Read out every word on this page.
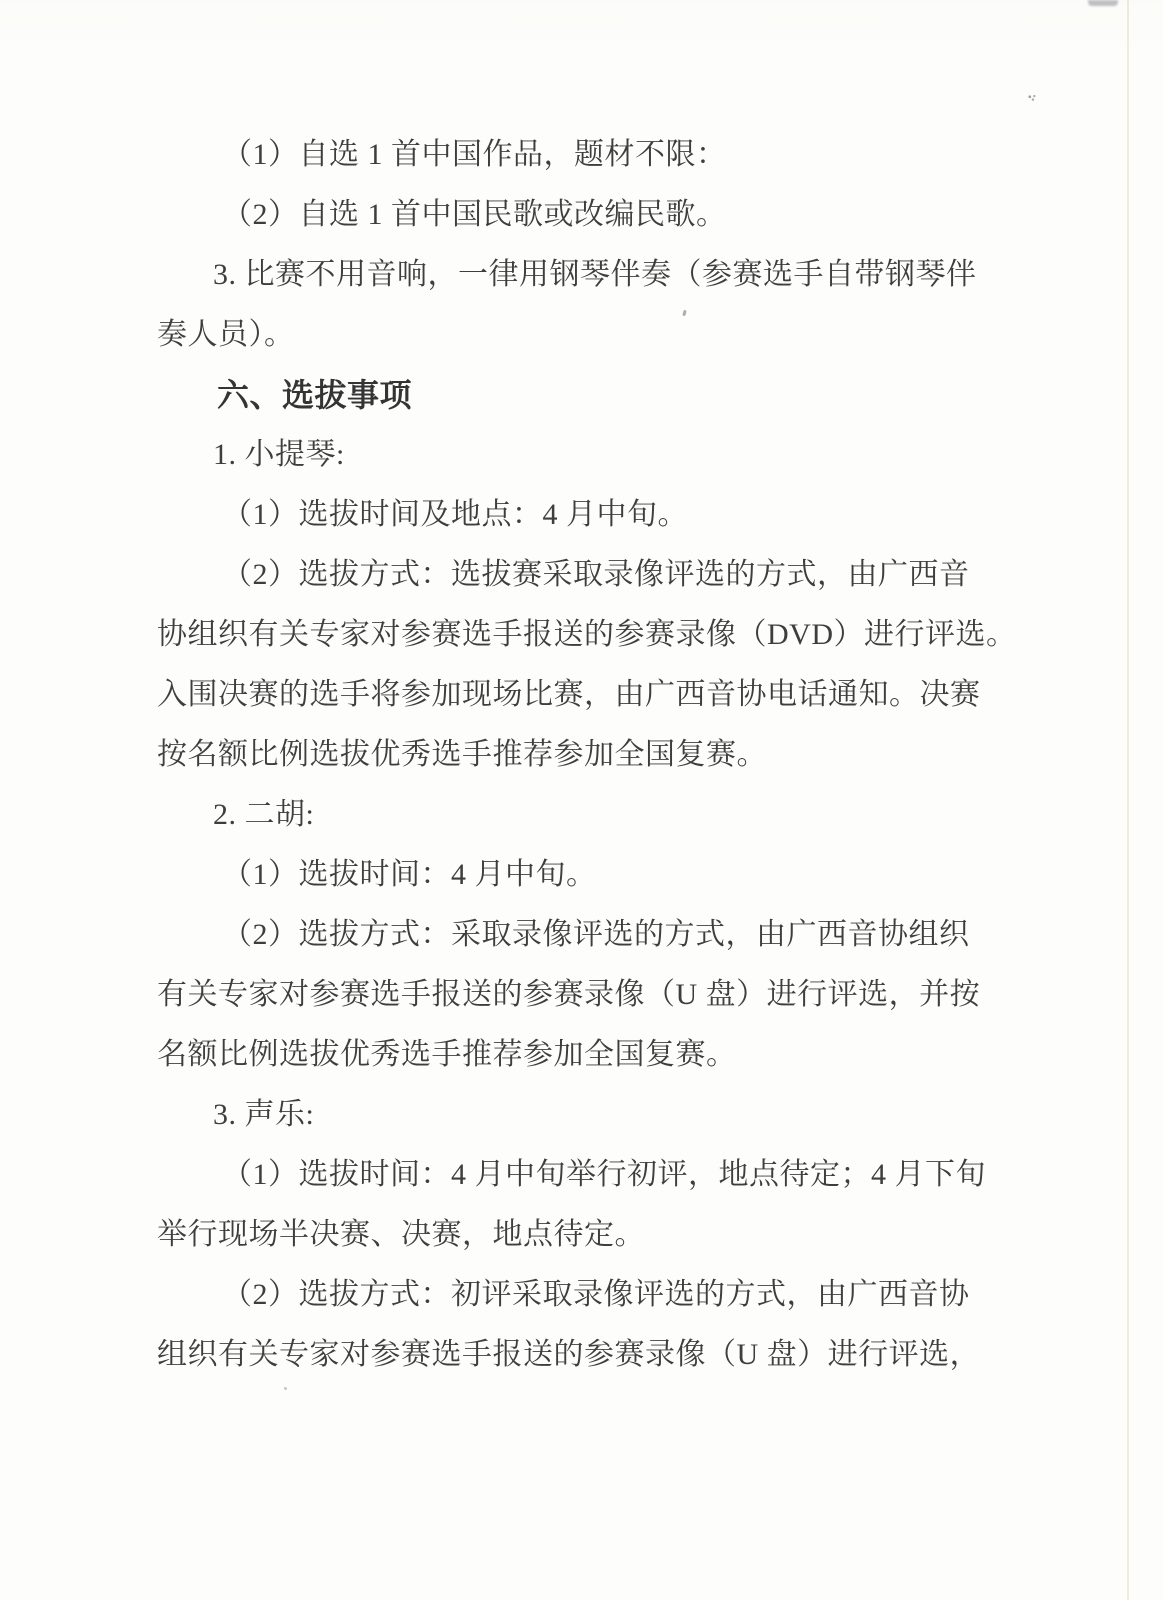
（1）自选 1 首中国作品，题材不限：
（2）自选 1 首中国民歌或改编民歌。
3. 比赛不用音响，一律用钢琴伴奏（参赛选手自带钢琴伴
奏人员）。
六、选拔事项
1. 小提琴:
（1）选拔时间及地点：4 月中旬。
（2）选拔方式：选拔赛采取录像评选的方式，由广西音
协组织有关专家对参赛选手报送的参赛录像（DVD）进行评选。
入围决赛的选手将参加现场比赛，由广西音协电话通知。决赛
按名额比例选拔优秀选手推荐参加全国复赛。
2. 二胡:
（1）选拔时间：4 月中旬。
（2）选拔方式：采取录像评选的方式，由广西音协组织
有关专家对参赛选手报送的参赛录像（U 盘）进行评选，并按
名额比例选拔优秀选手推荐参加全国复赛。
3. 声乐:
（1）选拔时间：4 月中旬举行初评，地点待定；4 月下旬
举行现场半决赛、决赛，地点待定。
（2）选拔方式：初评采取录像评选的方式，由广西音协
组织有关专家对参赛选手报送的参赛录像（U 盘）进行评选，
